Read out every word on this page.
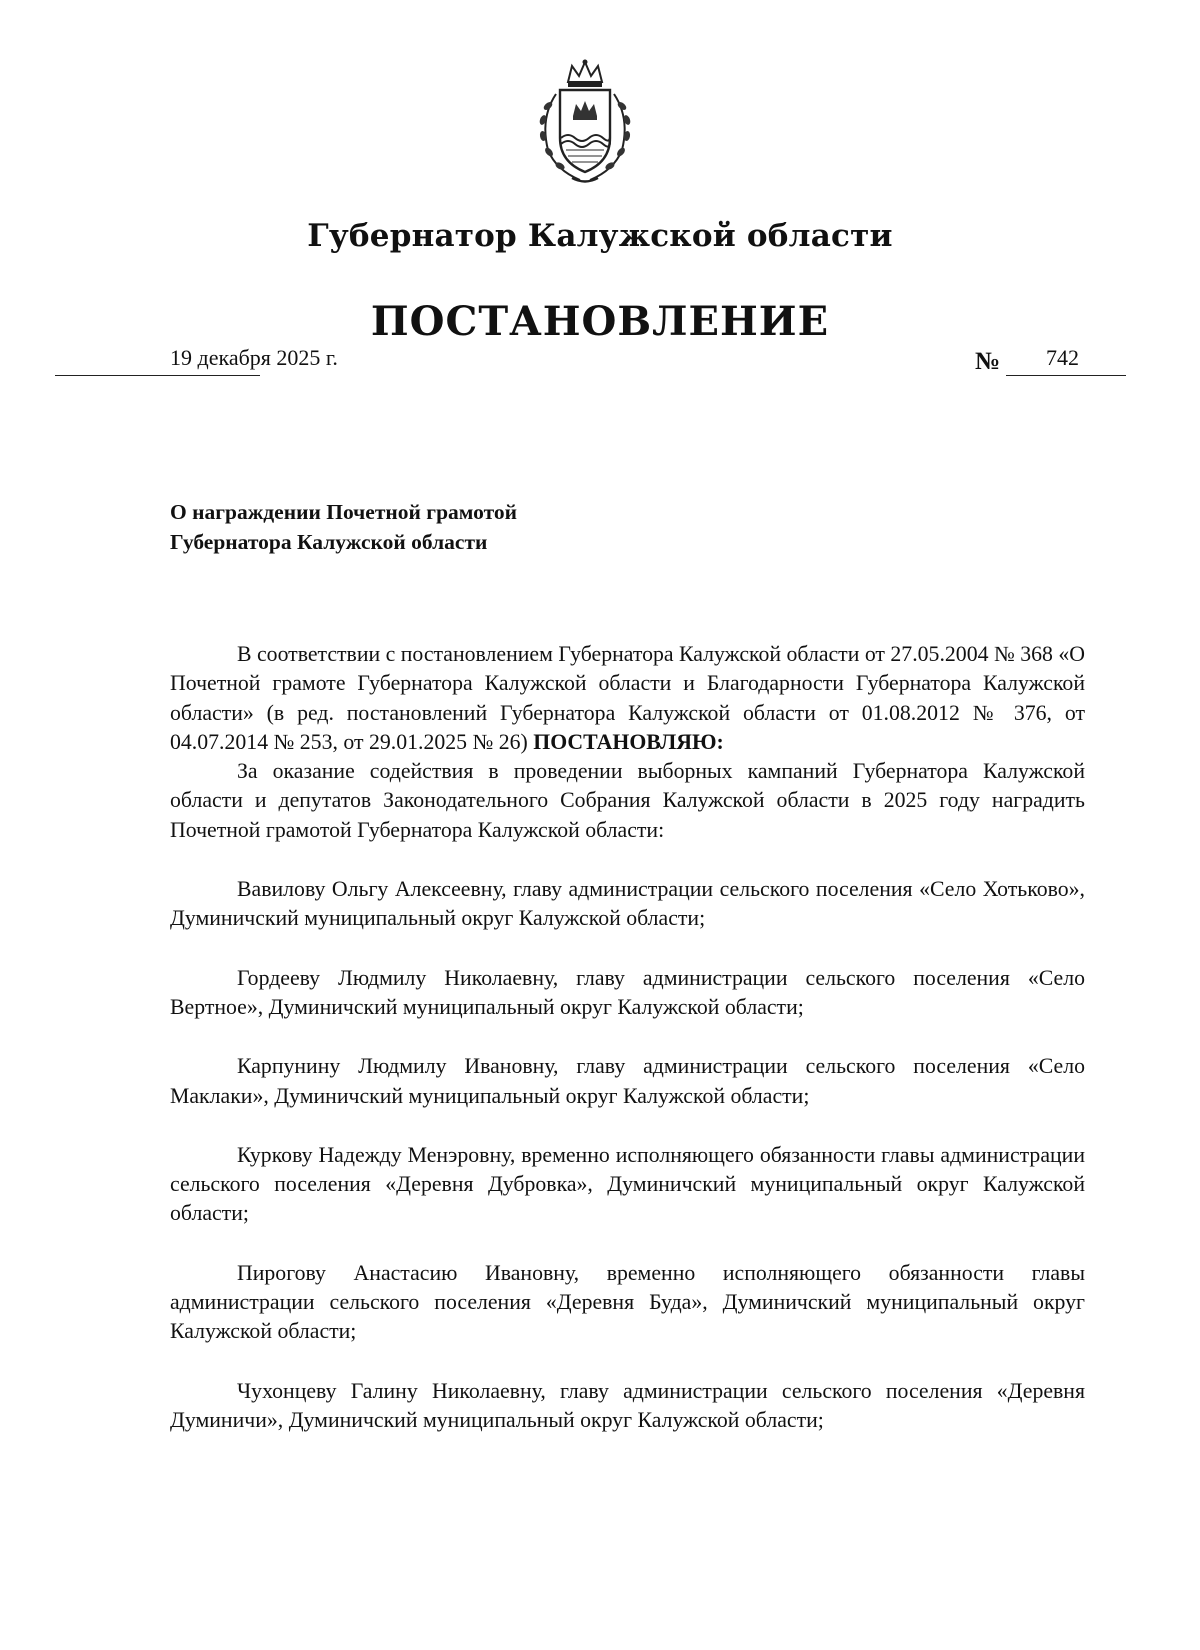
Губернатор Калужской области
ПОСТАНОВЛЕНИЕ
19 декабря 2025 г.	№ 742
О награждении Почетной грамотой
Губернатора Калужской области

В соответствии с постановлением Губернатора Калужской области от 27.05.2004 № 368 «О Почетной грамоте Губернатора Калужской области и Благодарности Губернатора Калужской области» (в ред. постановлений Губернатора Калужской области от 01.08.2012 № 376, от 04.07.2014 № 253, от 29.01.2025 № 26) ПОСТАНОВЛЯЮ:

За оказание содействия в проведении выборных кампаний Губернатора Калужской области и депутатов Законодательного Собрания Калужской области в 2025 году наградить Почетной грамотой Губернатора Калужской области:

Вавилову Ольгу Алексеевну, главу администрации сельского поселения «Село Хотьково», Думиничский муниципальный округ Калужской области;

Гордееву Людмилу Николаевну, главу администрации сельского поселения «Село Вертное», Думиничский муниципальный округ Калужской области;

Карпунину Людмилу Ивановну, главу администрации сельского поселения «Село Маклаки», Думиничский муниципальный округ Калужской области;

Куркову Надежду Менэровну, временно исполняющего обязанности главы администрации сельского поселения «Деревня Дубровка», Думиничский муниципальный округ Калужской области;

Пирогову Анастасию Ивановну, временно исполняющего обязанности главы администрации сельского поселения «Деревня Буда», Думиничский муниципальный округ Калужской области;

Чухонцеву Галину Николаевну, главу администрации сельского поселения «Деревня Думиничи», Думиничский муниципальный округ Калужской области;
